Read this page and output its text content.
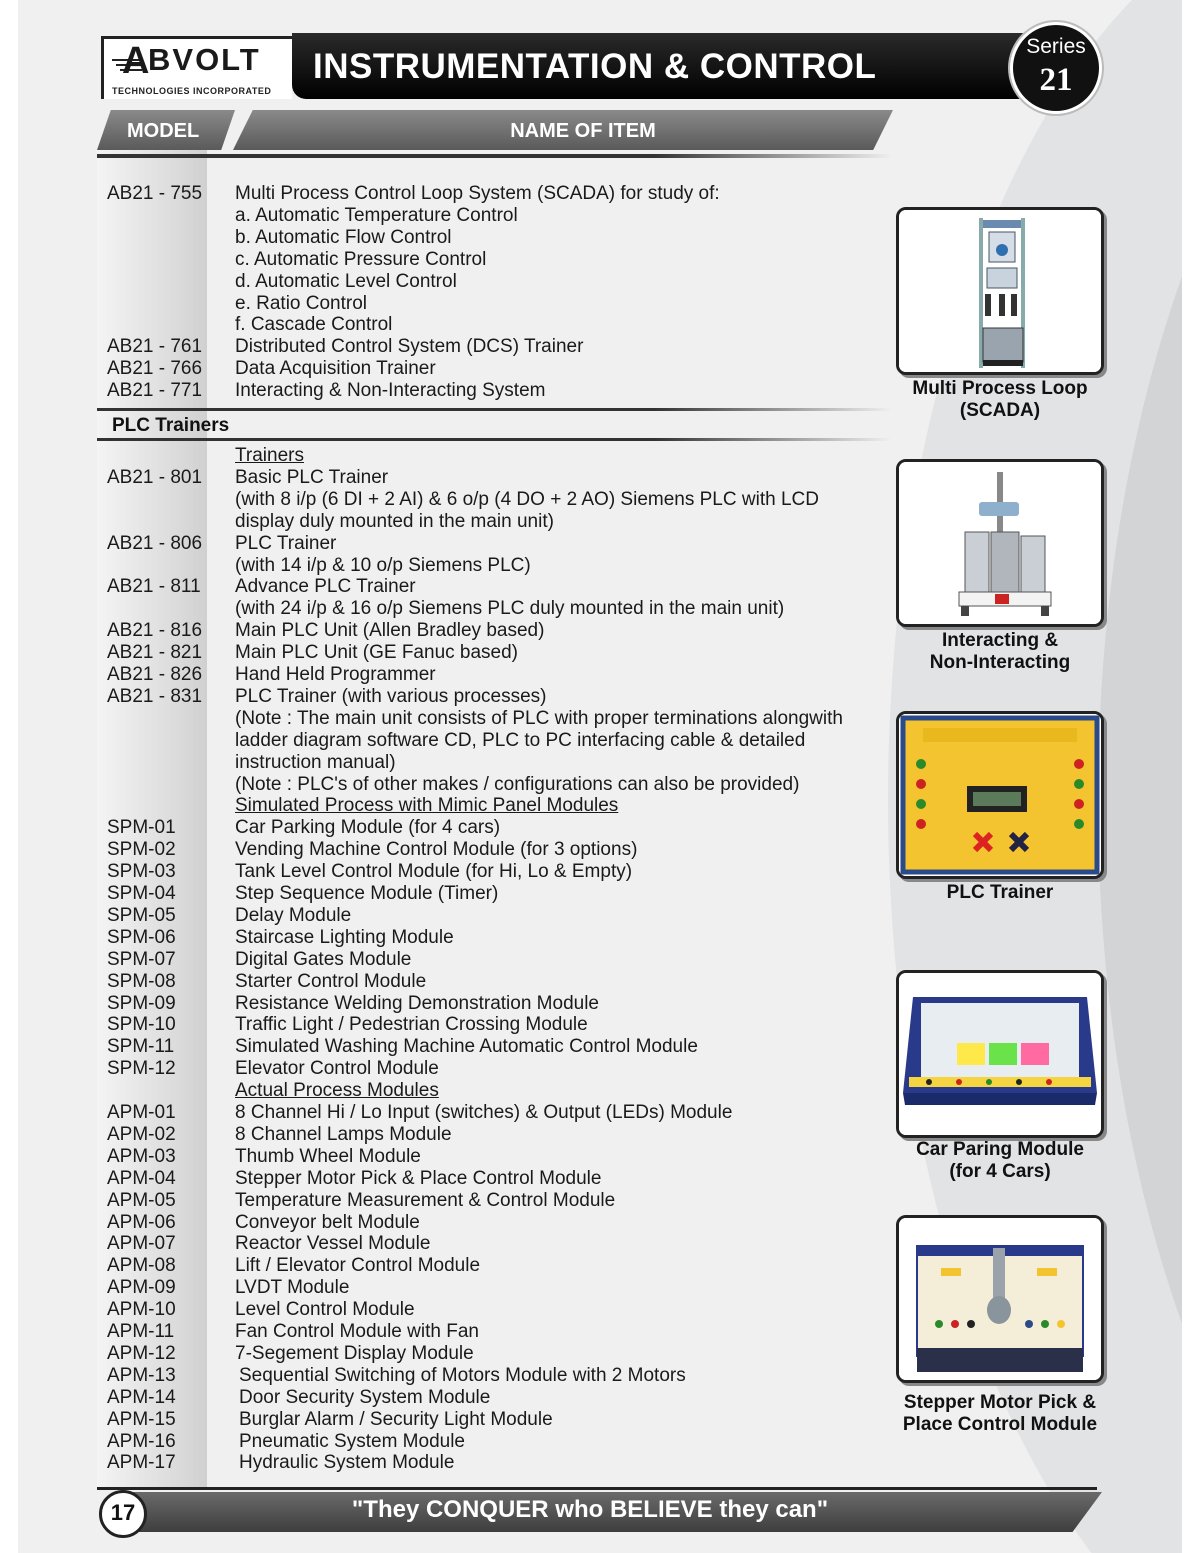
A
BVOLT
TECHNOLOGIES INCORPORATED
INSTRUMENTATION & CONTROL
Series
21
MODEL	NAME OF ITEM
PLC Trainers
AB21 - 755 Multi Process Control Loop System (SCADA) for study of:
a. Automatic Temperature Control
b. Automatic Flow Control
c. Automatic Pressure Control
d. Automatic Level Control
e. Ratio Control
f. Cascade Control
AB21 - 761 Distributed Control System (DCS) Trainer
AB21 - 766 Data Acquisition Trainer
AB21 - 771 Interacting & Non-Interacting System
Trainers
AB21 - 801 Basic PLC Trainer
(with 8 i/p (6 DI + 2 AI) & 6 o/p (4 DO + 2 AO) Siemens PLC with LCD
display duly mounted in the main unit)
AB21 - 806 PLC Trainer
(with 14 i/p & 10 o/p Siemens PLC)
AB21 - 811 Advance PLC Trainer
(with 24 i/p & 16 o/p Siemens PLC duly mounted in the main unit)
AB21 - 816 Main PLC Unit (Allen Bradley based)
AB21 - 821 Main PLC Unit (GE Fanuc based)
AB21 - 826 Hand Held Programmer
AB21 - 831 PLC Trainer (with various processes)
(Note : The main unit consists of PLC with proper terminations alongwith
ladder diagram software CD, PLC to PC interfacing cable & detailed
instruction manual)
(Note : PLC's of other makes / configurations can also be provided)
Simulated Process with Mimic Panel Modules
SPM-01	Car Parking Module (for 4 cars)
SPM-02	Vending Machine Control Module (for 3 options)
SPM-03	Tank Level Control Module (for Hi, Lo & Empty)
SPM-04	Step Sequence Module (Timer)
SPM-05	Delay Module
SPM-06	Staircase Lighting Module
SPM-07	Digital Gates Module
SPM-08	Starter Control Module
SPM-09	Resistance Welding Demonstration Module
SPM-10	Traffic Light / Pedestrian Crossing Module
SPM-11	Simulated Washing Machine Automatic Control Module
SPM-12	Elevator Control Module
Actual Process Modules
APM-01	8 Channel Hi / Lo Input (switches) & Output (LEDs) Module
APM-02	8 Channel Lamps Module
APM-03	Thumb Wheel Module
APM-04	Stepper Motor Pick & Place Control Module
APM-05	Temperature Measurement & Control Module
APM-06	Conveyor belt Module
APM-07	Reactor Vessel Module
APM-08	Lift / Elevator Control Module
APM-09	LVDT Module
APM-10	Level Control Module
APM-11	Fan Control Module with Fan
APM-12	7-Segement Display Module
APM-13	Sequential Switching of Motors Module with 2 Motors
APM-14	Door Security System Module
APM-15	Burglar Alarm / Security Light Module
APM-16	Pneumatic System Module
APM-17	Hydraulic System Module
Multi Process Loop
(SCADA)
Interacting &
Non-Interacting
PLC Trainer
Car Paring Module
(for 4 Cars)
Stepper Motor Pick &
Place Control Module
"They CONQUER who BELIEVE they can"
17
